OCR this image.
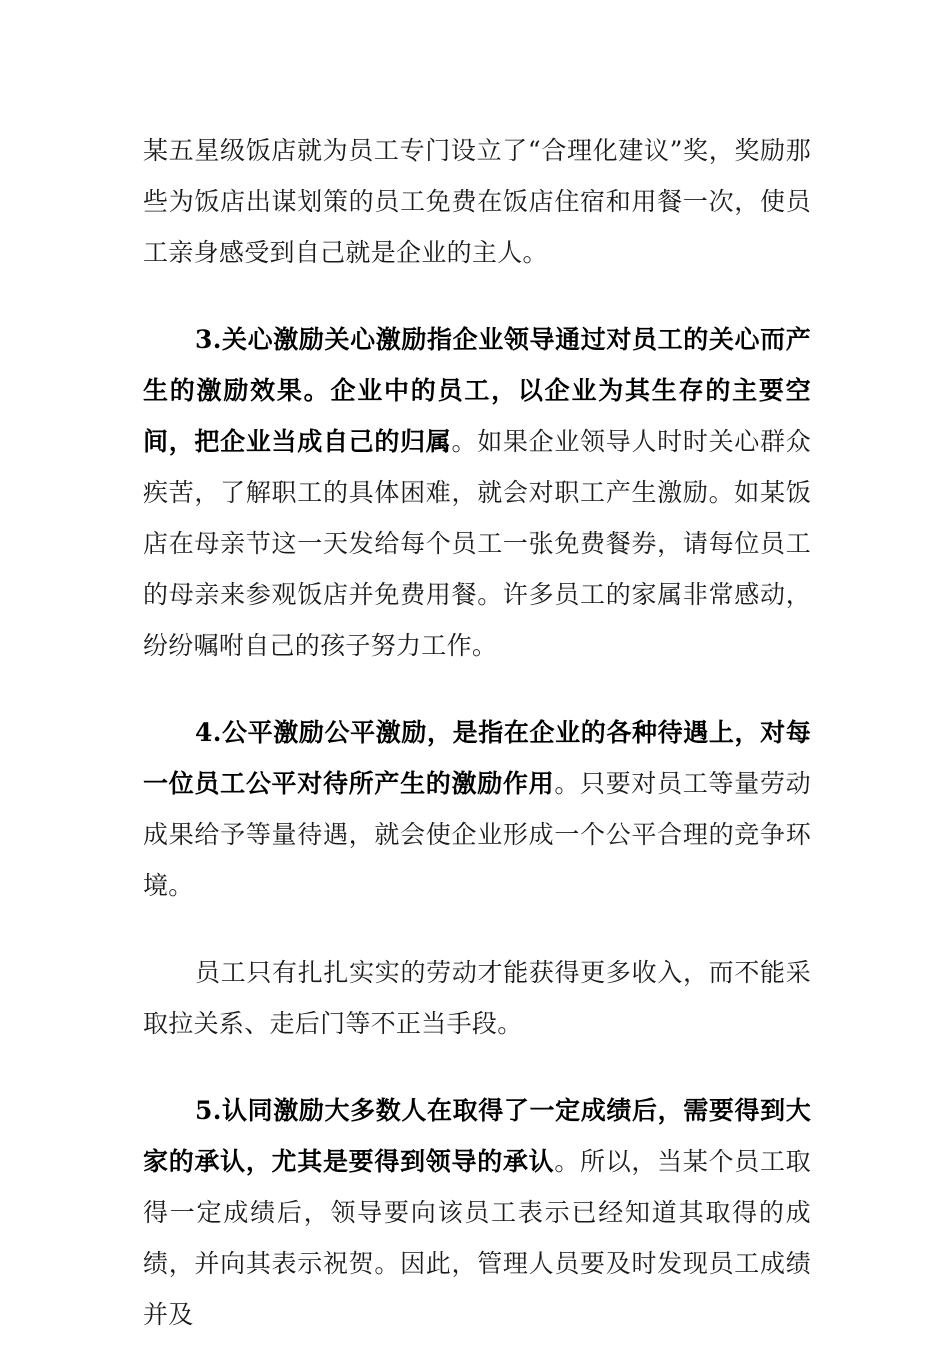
某五星级饭店就为员工专门设立了“合理化建议”奖，奖励那些为饭店出谋划策的员工免费在饭店住宿和用餐一次，使员工亲身感受到自己就是企业的主人。

3.关心激励关心激励指企业领导通过对员工的关心而产生的激励效果。企业中的员工，以企业为其生存的主要空间，把企业当成自己的归属。如果企业领导人时时关心群众疾苦，了解职工的具体困难，就会对职工产生激励。如某饭店在母亲节这一天发给每个员工一张免费餐券，请每位员工的母亲来参观饭店并免费用餐。许多员工的家属非常感动，纷纷嘱咐自己的孩子努力工作。

4.公平激励公平激励，是指在企业的各种待遇上，对每一位员工公平对待所产生的激励作用。只要对员工等量劳动成果给予等量待遇，就会使企业形成一个公平合理的竞争环境。

员工只有扎扎实实的劳动才能获得更多收入，而不能采取拉关系、走后门等不正当手段。

5.认同激励大多数人在取得了一定成绩后，需要得到大家的承认，尤其是要得到领导的承认。所以，当某个员工取得一定成绩后，领导要向该员工表示已经知道其取得的成绩，并向其表示祝贺。因此，管理人员要及时发现员工成绩并及
